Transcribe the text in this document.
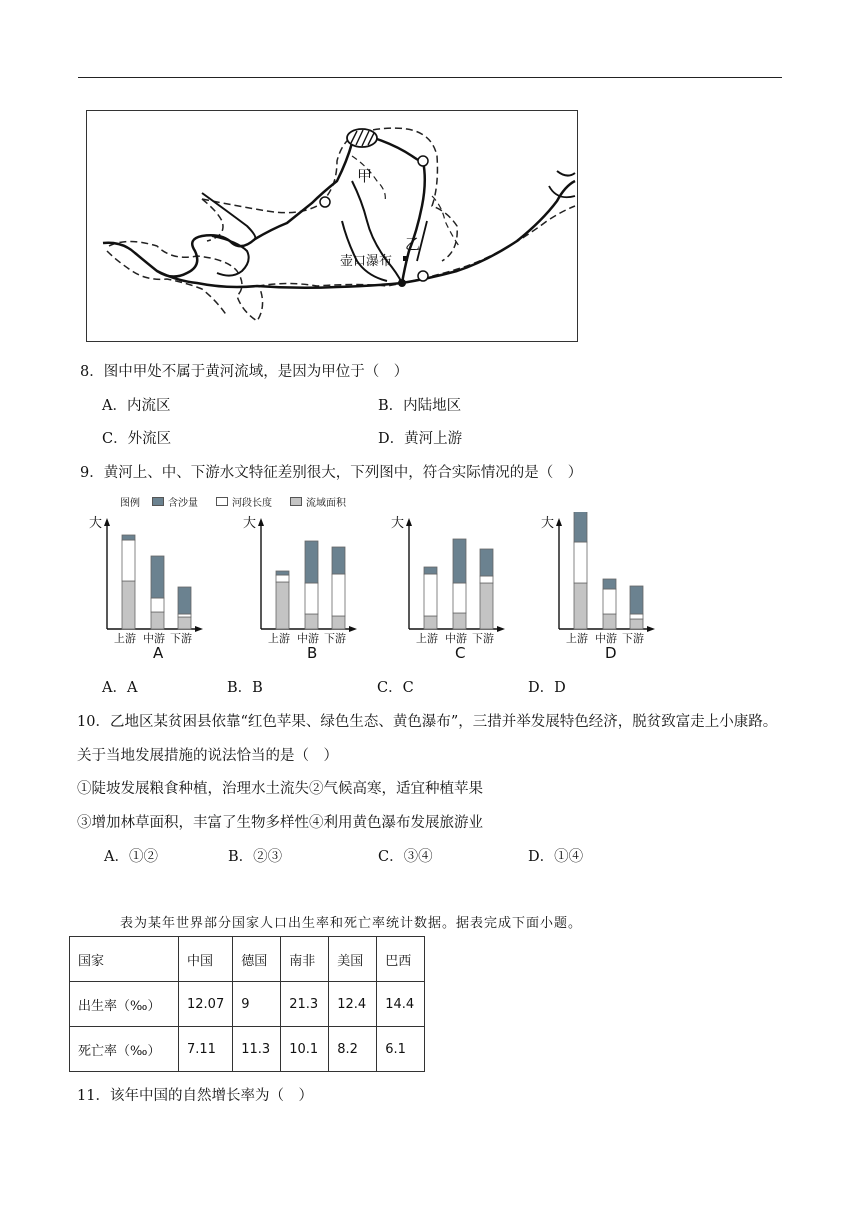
甲
乙
壶口瀑布
8．图中甲处不属于黄河流域，是因为甲位于（　）
A．内流区	B．内陆地区
C．外流区	D．黄河上游
9．黄河上、中、下游水文特征差别很大，下列图中，符合实际情况的是（　）
图例	含沙量	河段长度	流域面积
大
上游 中游 下游
A
大
上游 中游 下游
B
大
上游 中游 下游
C
大
上游 中游 下游
D
A．A	B．B	C．C	D．D
10．乙地区某贫困县依靠“红色苹果、绿色生态、黄色瀑布”，三措并举发展特色经济，脱贫致富走上小康路。
关于当地发展措施的说法恰当的是（　）
①陡坡发展粮食种植，治理水土流失②气候高寒，适宜种植苹果
③增加林草面积，丰富了生物多样性④利用黄色瀑布发展旅游业
A．①②	B．②③	C．③④	D．①④
表为某年世界部分国家人口出生率和死亡率统计数据。据表完成下面小题。
国家	中国	德国	南非	美国	巴西
出生率（‰）	12.07	9	21.3	12.4	14.4
死亡率（‰）	7.11	11.3	10.1	8.2	6.1
11．该年中国的自然增长率为（　）
